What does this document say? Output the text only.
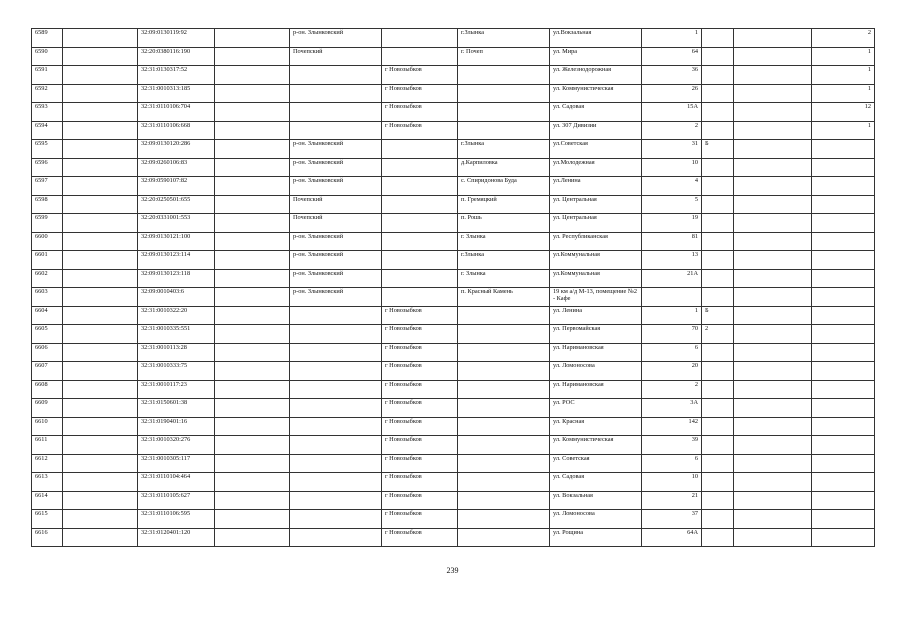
6589		32:09:0130119:92		р-он. Злынковский		г.Злынка	ул.Вокзальная	1			2
6590		32:20:0380116:190		Почепский		г. Почеп	ул. Мира	64			1
6591		32:31:0130317:52			г Новозыбков		ул. Железнодорожная	36			1
6592		32:31:0010313:185			г Новозыбков		ул. Коммунистическая	26			1
6593		32:31:0110106:704			г Новозыбков		ул. Садовая	15А			12
6594		32:31:0110106:668			г Новозыбков		ул. 307 Дивизии	2			1
6595		32:09:0130120:286		р-он. Злынковский		г.Злынка	ул.Советская	31	Б		
6596		32:09:0260106:83		р-он. Злынковский		д.Карпиловка	ул.Молодежная	10			
6597		32:09:0590107:82		р-он. Злынковский		с. Спиридонова Буда	ул.Ленина	4			
6598		32:20:0250501:655		Почепский		п. Гремяцкий	ул. Центральная	5			
6599		32:20:0331001:553		Почепский		п. Рошь	ул. Центральная	19			
6600		32:09:0130121:100		р-он. Злынковский		г. Злынка	ул. Республиканская	81			
6601		32:09:0130123:114		р-он. Злынковский		г.Злынка	ул.Коммунальная	13			
6602		32:09:0130123:118		р-он. Злынковский		г. Злынка	ул.Коммунальная	21А			
6603		32:09:0010403:6		р-он. Злынковский		п. Красный Камень	19 км а/д М-13, помещение №2 - Кафе				
6604		32:31:0010322:20			г Новозыбков		ул. Ленина	1	Б		
6605		32:31:0010335:551			г Новозыбков		ул. Первомайская	70	2		
6606		32:31:0010113:28			г Новозыбков		ул. Наримановская	6			
6607		32:31:0010333:75			г Новозыбков		ул. Ломоносова	20			
6608		32:31:0010117:23			г Новозыбков		ул. Наримановская	2			
6609		32:31:0150601:38			г Новозыбков		ул. РОС	3А			
6610		32:31:0190401:16			г Новозыбков		ул. Красная	142			
6611		32:31:0010320:276			г Новозыбков		ул. Коммунистическая	39			
6612		32:31:0010305:117			г Новозыбков		ул. Советская	6			
6613		32:31:0110104:464			г Новозыбков		ул. Садовая	10			
6614		32:31:0110105:627			г Новозыбков		ул. Вокзальная	21			
6615		32:31:0110106:595			г Новозыбков		ул. Ломоносова	37			
6616		32:31:0120401:120			г Новозыбков		ул. Рощина	64А			
239
